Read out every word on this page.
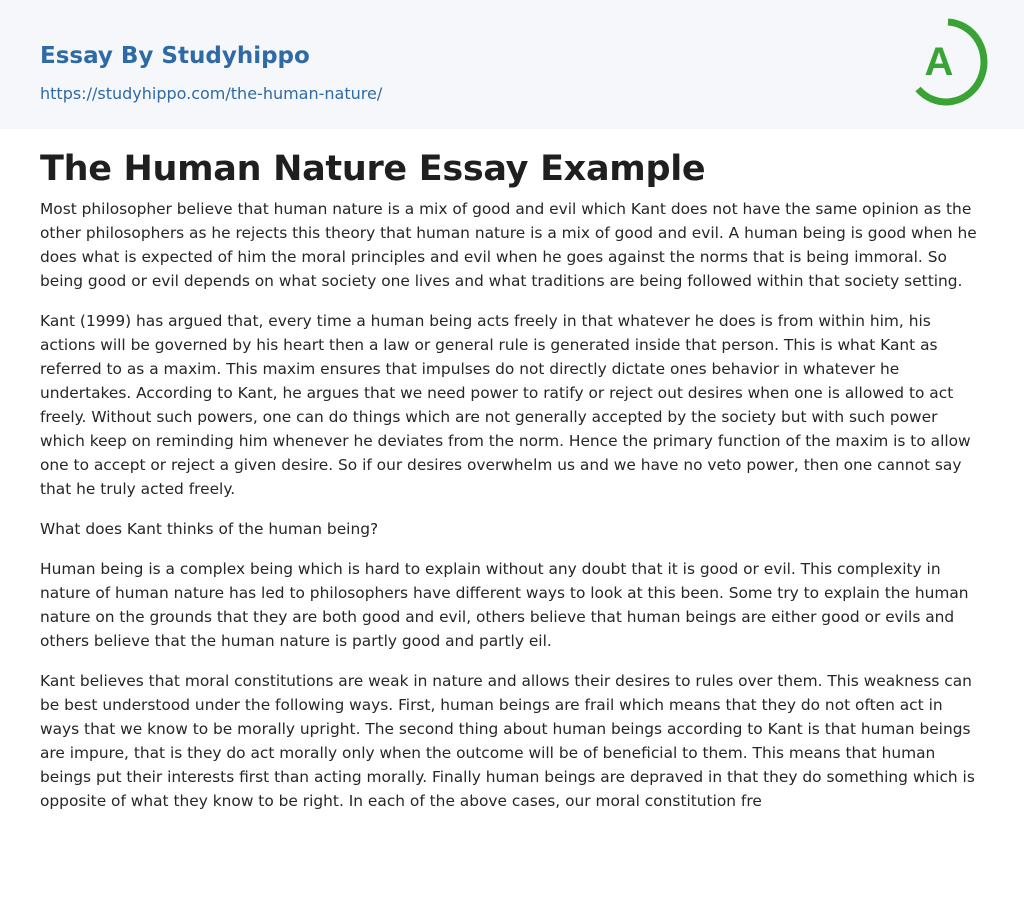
Essay By Studyhippo
https://studyhippo.com/the-human-nature/
A
The Human Nature Essay Example

Most philosopher believe that human nature is a mix of good and evil which Kant does not have the same opinion as the other philosophers as he rejects this theory that human nature is a mix of good and evil. A human being is good when he does what is expected of him the moral principles and evil when he goes against the norms that is being immoral. So being good or evil depends on what society one lives and what traditions are being followed within that society setting.

Kant (1999) has argued that, every time a human being acts freely in that whatever he does is from within him, his actions will be governed by his heart then a law or general rule is generated inside that person. This is what Kant as referred to as a maxim. This maxim ensures that impulses do not directly dictate ones behavior in whatever he undertakes. According to Kant, he argues that we need power to ratify or reject out desires when one is allowed to act freely. Without such powers, one can do things which are not generally accepted by the society but with such power which keep on reminding him whenever he deviates from the norm. Hence the primary function of the maxim is to allow one to accept or reject a given desire. So if our desires overwhelm us and we have no veto power, then one cannot say that he truly acted freely.

What does Kant thinks of the human being?

Human being is a complex being which is hard to explain without any doubt that it is good or evil. This complexity in nature of human nature has led to philosophers have different ways to look at this been. Some try to explain the human nature on the grounds that they are both good and evil, others believe that human beings are either good or evils and others believe that the human nature is partly good and partly eil.

Kant believes that moral constitutions are weak in nature and allows their desires to rules over them. This weakness can be best understood under the following ways. First, human beings are frail which means that they do not often act in ways that we know to be morally upright. The second thing about human beings according to Kant is that human beings are impure, that is they do act morally only when the outcome will be of beneficial to them. This means that human beings put their interests first than acting morally. Finally human beings are depraved in that they do something which is opposite of what they know to be right. In each of the above cases, our moral constitution fre
